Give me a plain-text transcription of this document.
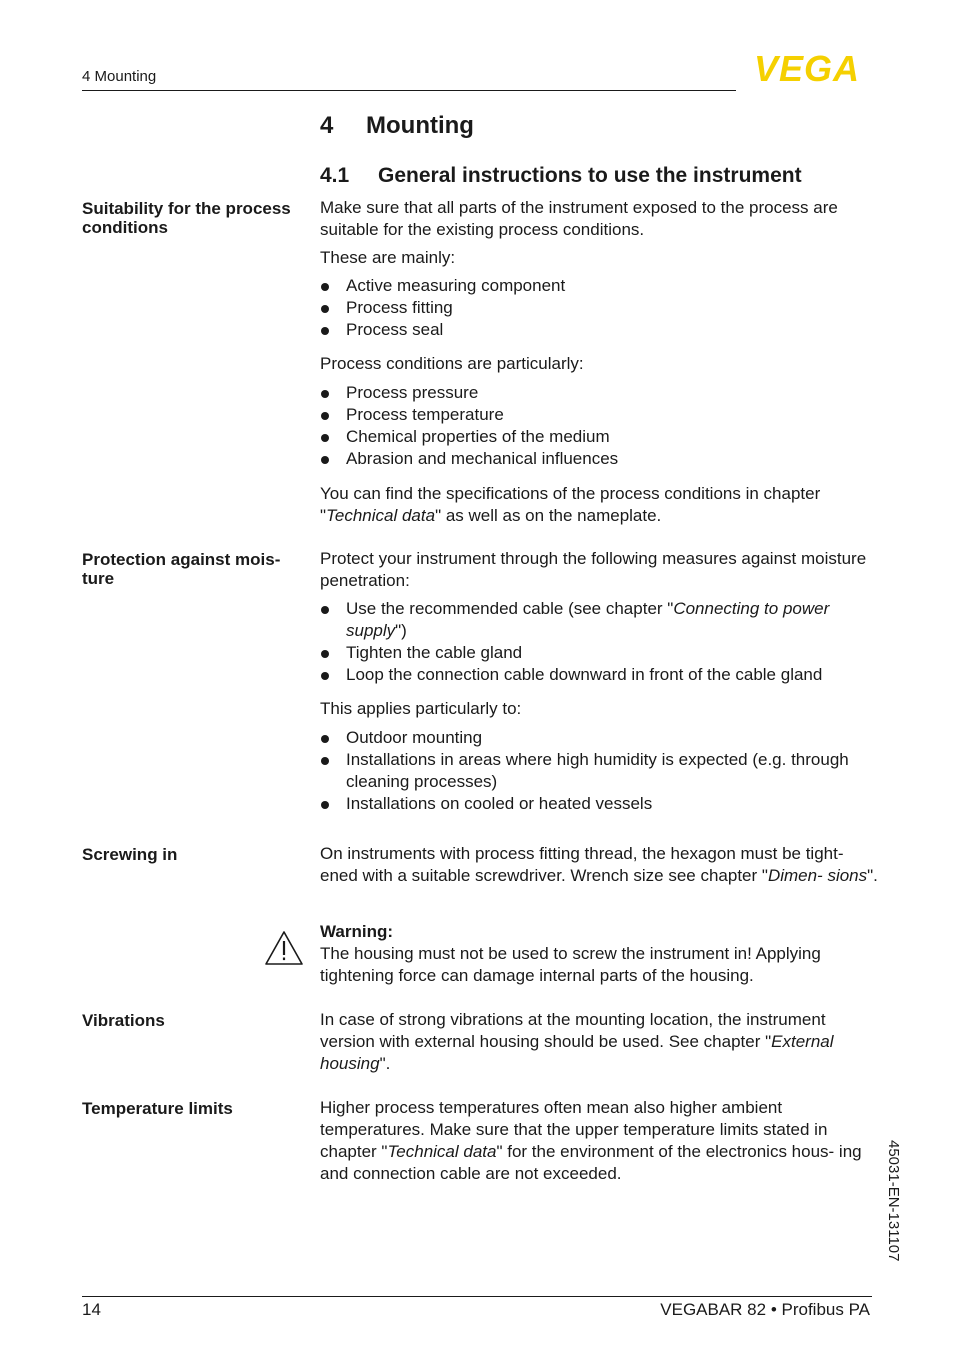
4 Mounting	VEGA
4 Mounting
4.1 General instructions to use the instrument
Suitability for the process conditions

Make sure that all parts of the instrument exposed to the process are suitable for the existing process conditions.

These are mainly:

Active measuring component
Process fitting
Process seal

Process conditions are particularly:

Process pressure
Process temperature
Chemical properties of the medium
Abrasion and mechanical influences

You can find the specifications of the process conditions in chapter "Technical data" as well as on the nameplate.

Protection against mois- ture

Protect your instrument through the following measures against moisture penetration:

Use the recommended cable (see chapter "Connecting to power supply")
Tighten the cable gland
Loop the connection cable downward in front of the cable gland

This applies particularly to:

Outdoor mounting
Installations in areas where high humidity is expected (e.g. through cleaning processes)
Installations on cooled or heated vessels
Screwing in	On instruments with process fitting thread, the hexagon must be tight- ened with a suitable screwdriver. Wrench size see chapter "Dimen- sions".

Warning:

The housing must not be used to screw the instrument in! Applying tightening force can damage internal parts of the housing.

Vibrations	In case of strong vibrations at the mounting location, the instrument version with external housing should be used. See chapter "External housing".

Temperature limits	Higher process temperatures often mean also higher ambient temperatures. Make sure that the upper temperature limits stated in chapter "Technical data" for the environment of the electronics hous- ing and connection cable are not exceeded.	45031-EN-131107
14	VEGABAR 82 • Profibus PA
